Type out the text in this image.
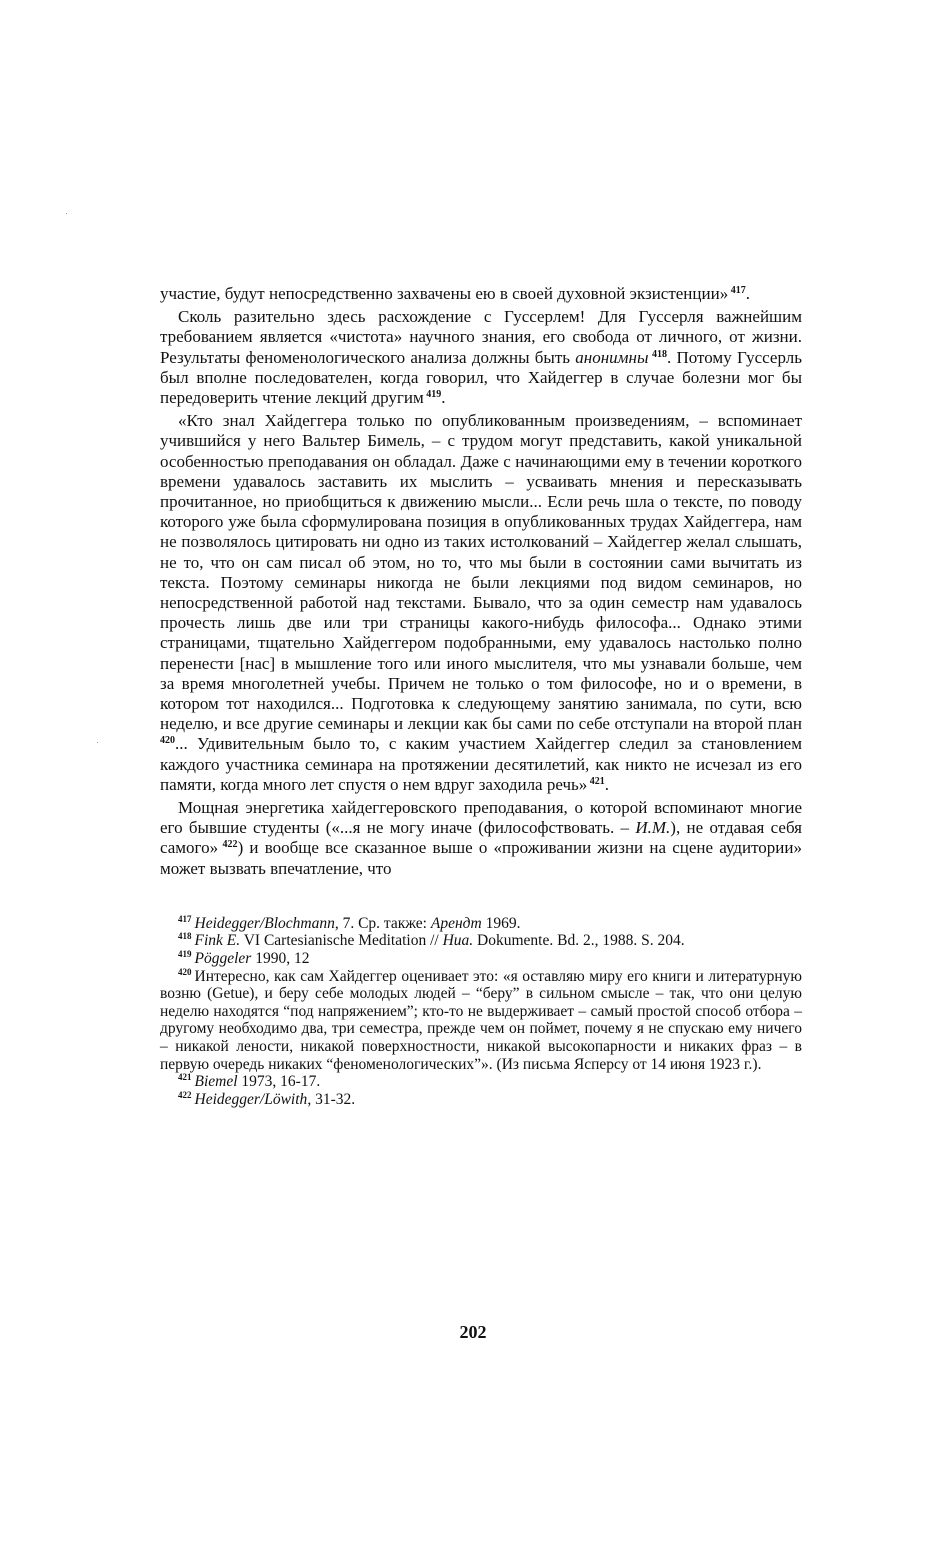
участие, будут непосредственно захвачены ею в своей духовной экзистенции» $^{417}$.

Сколь разительно здесь расхождение с Гуссерлем! Для Гуссерля важнейшим требованием является «чистота» научного знания, его свобода от личного, от жизни. Результаты феноменологического анализа должны быть анонимны $^{418}$. Потому Гуссерль был вполне последователен, когда говорил, что Хайдеггер в случае болезни мог бы передоверить чтение лекций другим $^{419}$.

«Кто знал Хайдеггера только по опубликованным произведениям, – вспоминает учившийся у него Вальтер Бимель, – с трудом могут представить, какой уникальной особенностью преподавания он обладал. Даже с начинающими ему в течении короткого времени удавалось заставить их мыслить – усваивать мнения и пересказывать прочитанное, но приобщиться к движению мысли... Если речь шла о тексте, по поводу которого уже была сформулирована позиция в опубликованных трудах Хайдеггера, нам не позволялось цитировать ни одно из таких истолкований – Хайдеггер желал слышать, не то, что он сам писал об этом, но то, что мы были в состоянии сами вычитать из текста. Поэтому семинары никогда не были лекциями под видом семинаров, но непосредственной работой над текстами. Бывало, что за один семестр нам удавалось прочесть лишь две или три страницы какого-нибудь философа... Однако этими страницами, тщательно Хайдеггером подобранными, ему удавалось настолько полно перенести [нас] в мышление того или иного мыслителя, что мы узнавали больше, чем за время многолетней учебы. Причем не только о том философе, но и о времени, в котором тот находился... Подготовка к следующему занятию занимала, по сути, всю неделю, и все другие семинары и лекции как бы сами по себе отступали на второй план $^{420}$... Удивительным было то, с каким участием Хайдеггер следил за становлением каждого участника семинара на протяжении десятилетий, как никто не исчезал из его памяти, когда много лет спустя о нем вдруг заходила речь» $^{421}$.

Мощная энергетика хайдеггеровского преподавания, о которой вспоминают многие его бывшие студенты («...я не могу иначе (философствовать. – И.М.), не отдавая себя самого» $^{422}$) и вообще все сказанное выше о «проживании жизни на сцене аудитории» может вызвать впечатление, что

$^{417}$ Heidegger/Blochmann, 7. Ср. также: Арендт 1969.

$^{418}$ Fink E. VI Cartesianische Meditation // Hua. Dokumente. Bd. 2., 1988. S. 204.

$^{419}$ Pöggeler 1990, 12

$^{420}$ Интересно, как сам Хайдеггер оценивает это: «я оставляю миру его книги и литературную возню (Getue), и беру себе молодых людей – “беру” в сильном смысле – так, что они целую неделю находятся “под напряжением”; кто-то не выдерживает – самый простой способ отбора – другому необходимо два, три семестра, прежде чем он поймет, почему я не спускаю ему ничего – никакой лености, никакой поверхностности, никакой высокопарности и никаких фраз – в первую очередь никаких “феноменологических”». (Из письма Ясперсу от 14 июня 1923 г.).

$^{421}$ Biemel 1973, 16-17.

$^{422}$ Heidegger/Löwith, 31-32.

202
